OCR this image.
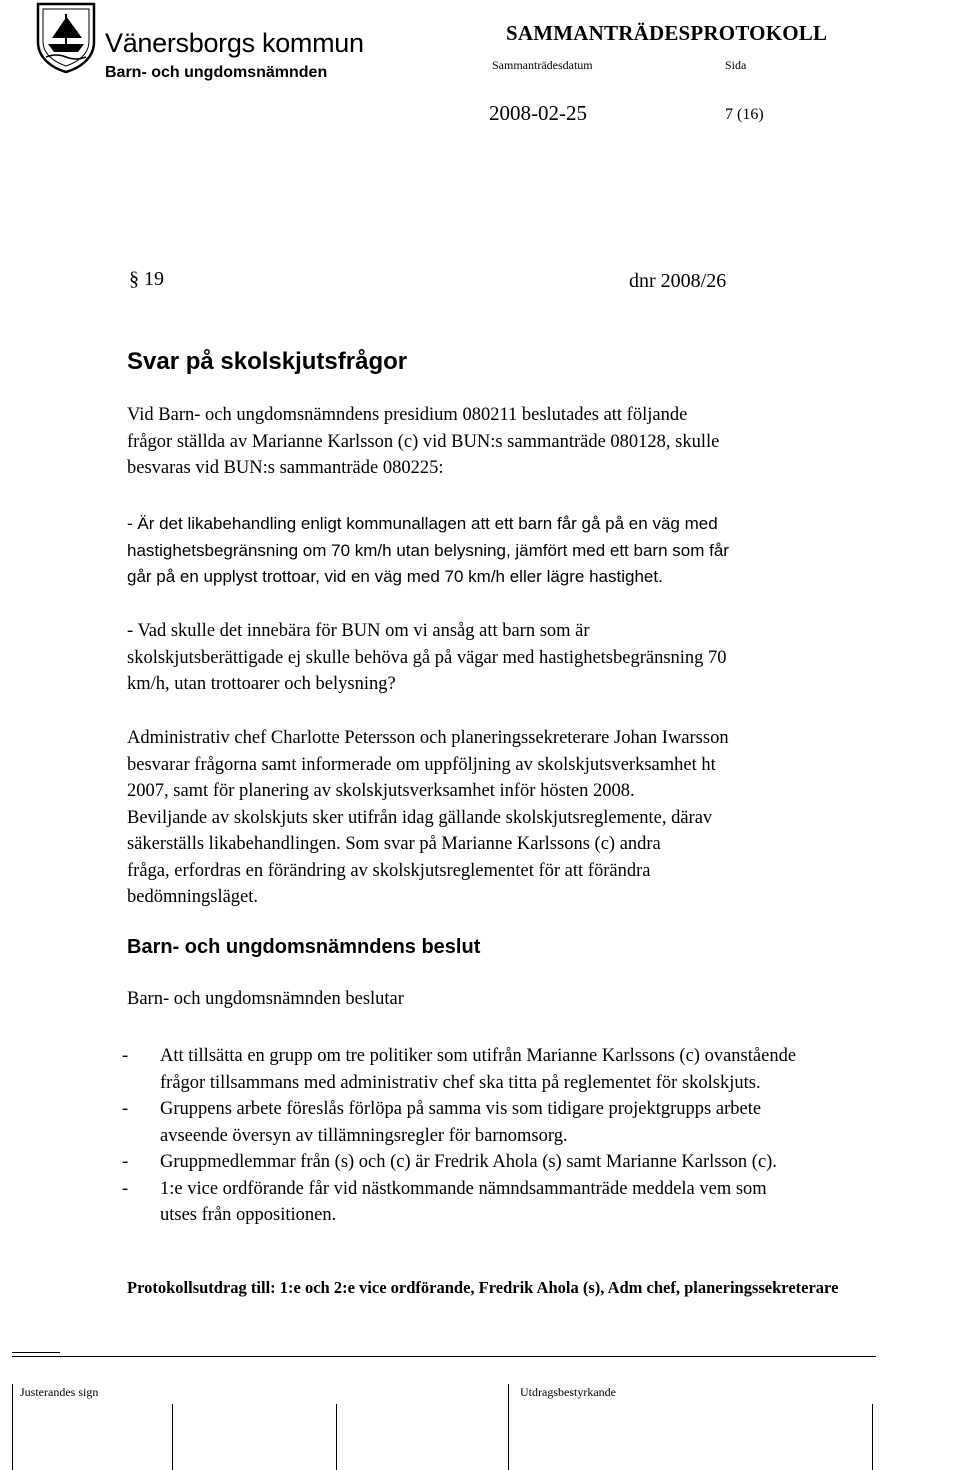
Vänersborgs kommun
Barn- och ungdomsnämnden
SAMMANTRÄDESPROTOKOLL
Sammanträdesdatum	Sida
2008-02-25	7 (16)
§ 19	dnr 2008/26
Svar på skolskjutsfrågor
Vid Barn- och ungdomsnämndens presidium 080211 beslutades att följande
frågor ställda av Marianne Karlsson (c) vid BUN:s sammanträde 080128, skulle
besvaras vid BUN:s sammanträde 080225:
- Är det likabehandling enligt kommunallagen att ett barn får gå på en väg med
hastighetsbegränsning om 70 km/h utan belysning, jämfört med ett barn som får
går på en upplyst trottoar, vid en väg med 70 km/h eller lägre hastighet.
- Vad skulle det innebära för BUN om vi ansåg att barn som är
skolskjutsberättigade ej skulle behöva gå på vägar med hastighetsbegränsning 70
km/h, utan trottoarer och belysning?
Administrativ chef Charlotte Petersson och planeringssekreterare Johan Iwarsson
besvarar frågorna samt informerade om uppföljning av skolskjutsverksamhet ht
2007, samt för planering av skolskjutsverksamhet inför hösten 2008.
Beviljande av skolskjuts sker utifrån idag gällande skolskjutsreglemente, därav
säkerställs likabehandlingen. Som svar på Marianne Karlssons (c) andra
fråga, erfordras en förändring av skolskjutsreglementet för att förändra
bedömningsläget.
Barn- och ungdomsnämndens beslut
Barn- och ungdomsnämnden beslutar
- Att tillsätta en grupp om tre politiker som utifrån Marianne Karlssons (c) ovanstående
frågor tillsammans med administrativ chef ska titta på reglementet för skolskjuts.
- Gruppens arbete föreslås förlöpa på samma vis som tidigare projektgrupps arbete
avseende översyn av tillämningsregler för barnomsorg.
- Gruppmedlemmar från (s) och (c) är Fredrik Ahola (s) samt Marianne Karlsson (c).
- 1:e vice ordförande får vid nästkommande nämndsammanträde meddela vem som
utses från oppositionen.
Protokollsutdrag till: 1:e och 2:e vice ordförande, Fredrik Ahola (s), Adm chef, planeringssekreterare
Justerandes sign	Utdragsbestyrkande
